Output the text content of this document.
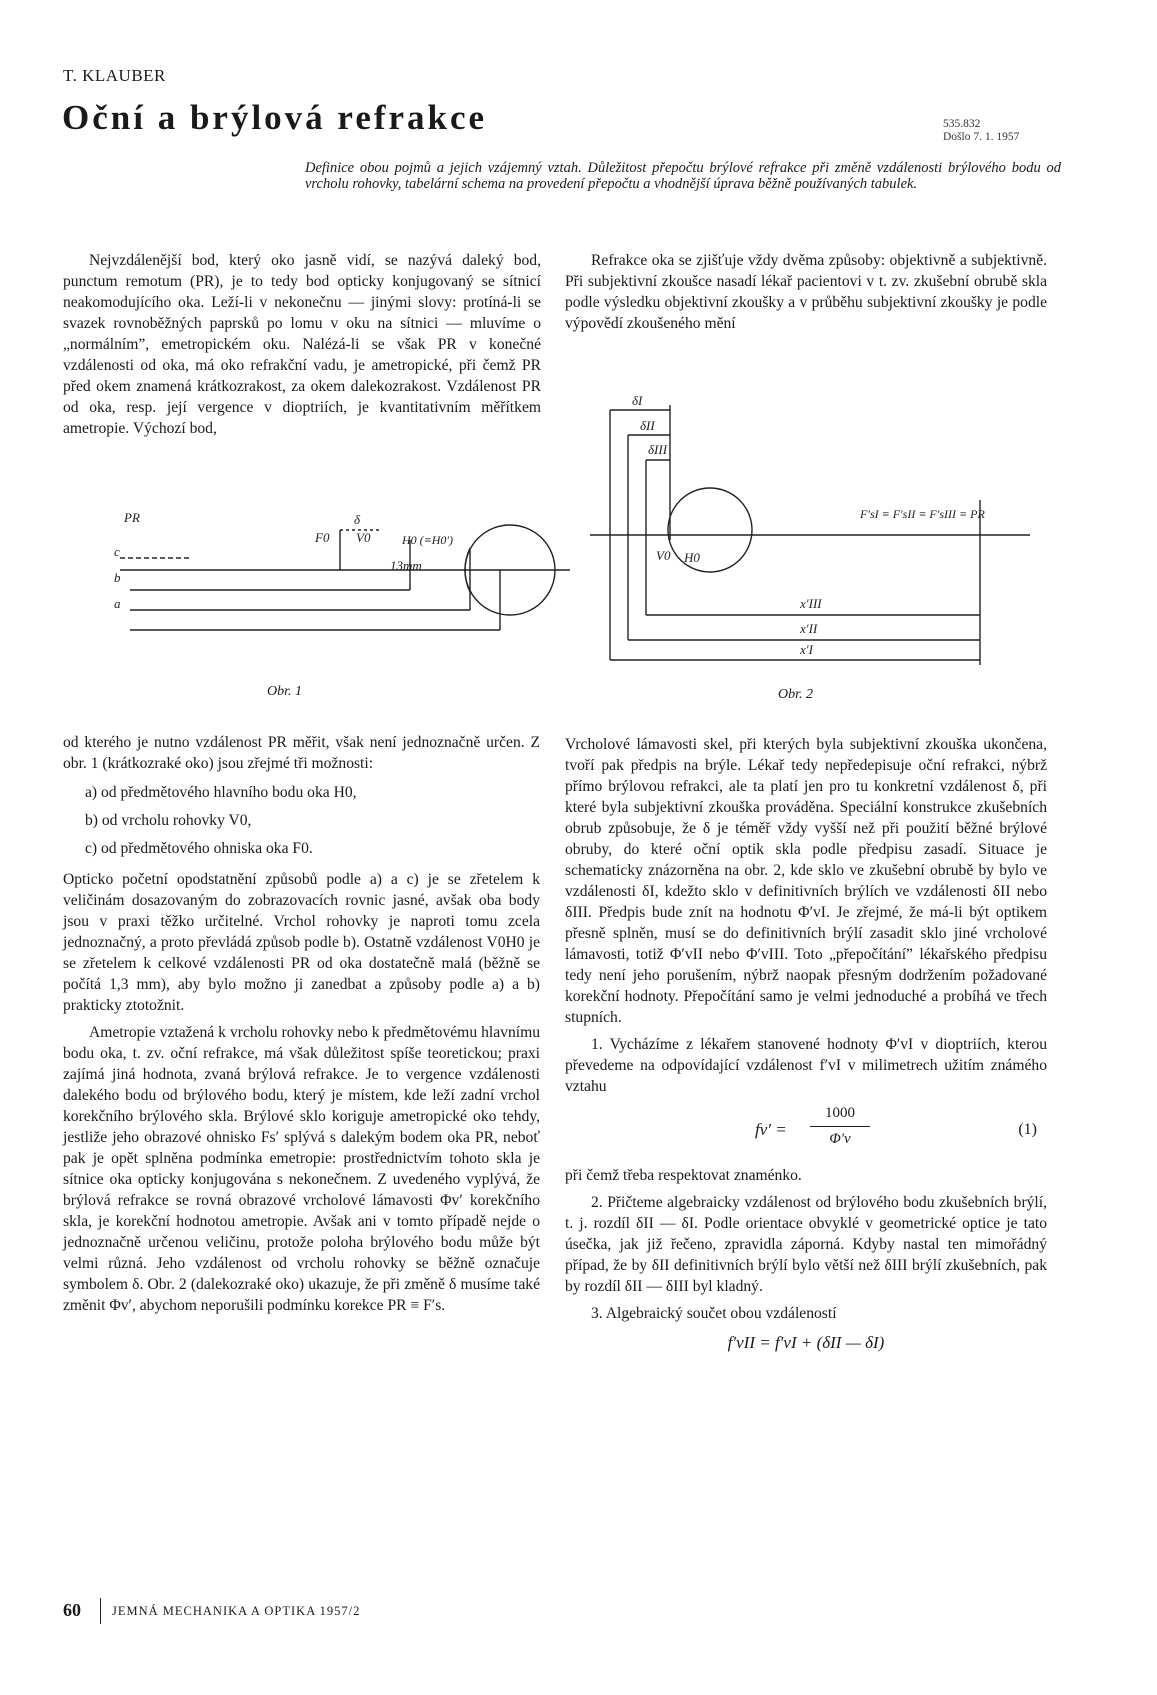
T. KLAUBER
Oční a brýlová refrakce	535.832
Došlo 7. 1. 1957
Definice obou pojmů a jejich vzájemný vztah. Důležitost přepočtu brýlové refrakce při změně vzdálenosti brýlového bodu od vrcholu rohovky, tabelární schema na provedení přepočtu a vhodnější úprava běžně používaných tabulek.

Nejvzdálenější bod, který oko jasně vidí, se nazývá daleký bod, punctum remotum (PR), je to tedy bod opticky konjugovaný se sítnicí neakomodujícího oka. Leží-li v nekonečnu — jinými slovy: protíná-li se svazek rovnoběžných paprsků po lomu v oku na sítnici — mluvíme o „normálním”, emetropickém oku. Nalézá-li se však PR v konečné vzdálenosti od oka, má oko refrakční vadu, je ametropické, při čemž PR před okem znamená krátkozrakost, za okem dalekozrakost. Vzdálenost PR od oka, resp. její vergence v dioptriích, je kvantitativním měřítkem ametropie. Výchozí bod,

Refrakce oka se zjišťuje vždy dvěma způsoby: objektivně a subjektivně. Při subjektivní zkoušce nasadí lékař pacientovi v t. zv. zkušební obrubě skla podle výsledku objektivní zkoušky a v průběhu subjektivní zkoušky je podle výpovědí zkoušeného mění

PR
c
b
a
δ
F0 V0	H0 (≡H0′)
13mm
Obr. 1
δI
δII
δIII
F′sI ≡ F′sII ≡ F′sIII ≡ PR
V0 H0
x′III
x′II
x′I
Obr. 2

od kterého je nutno vzdálenost PR měřit, však není jednoznačně určen. Z obr. 1 (krátkozraké oko) jsou zřejmé tři možnosti:

a) od předmětového hlavního bodu oka H0,
b) od vrcholu rohovky V0,
c) od předmětového ohniska oka F0.

Opticko početní opodstatnění způsobů podle a) a c) je se zřetelem k veličinám dosazovaným do zobrazovacích rovnic jasné, avšak oba body jsou v praxi těžko určitelné. Vrchol rohovky je naproti tomu zcela jednoznačný, a proto převládá způsob podle b). Ostatně vzdálenost V0H0 je se zřetelem k celkové vzdálenosti PR od oka dostatečně malá (běžně se počítá 1,3 mm), aby bylo možno ji zanedbat a způsoby podle a) a b) prakticky ztotožnit.

Ametropie vztažená k vrcholu rohovky nebo k předmětovému hlavnímu bodu oka, t. zv. oční refrakce, má však důležitost spíše teoretickou; praxi zajímá jiná hodnota, zvaná brýlová refrakce. Je to vergence vzdálenosti dalekého bodu od brýlového bodu, který je místem, kde leží zadní vrchol korekčního brýlového skla. Brýlové sklo koriguje ametropické oko tehdy, jestliže jeho obrazové ohnisko Fs′ splývá s dalekým bodem oka PR, neboť pak je opět splněna podmínka emetropie: prostřednictvím tohoto skla je sítnice oka opticky konjugována s nekonečnem. Z uvedeného vyplývá, že brýlová refrakce se rovná obrazové vrcholové lámavosti Φv′ korekčního skla, je korekční hodnotou ametropie. Avšak ani v tomto případě nejde o jednoznačně určenou veličinu, protože poloha brýlového bodu může být velmi různá. Jeho vzdálenost od vrcholu rohovky se běžně označuje symbolem δ. Obr. 2 (dalekozraké oko) ukazuje, že při změně δ musíme také změnit Φv′, abychom neporušili podmínku korekce PR ≡ F′s.

Vrcholové lámavosti skel, při kterých byla subjektivní zkouška ukončena, tvoří pak předpis na brýle. Lékař tedy nepředepisuje oční refrakci, nýbrž přímo brýlovou refrakci, ale ta platí jen pro tu konkretní vzdálenost δ, při které byla subjektivní zkouška prováděna. Speciální konstrukce zkušebních obrub způsobuje, že δ je téměř vždy vyšší než při použití běžné brýlové obruby, do které oční optik skla podle předpisu zasadí. Situace je schematicky znázorněna na obr. 2, kde sklo ve zkušební obrubě by bylo ve vzdálenosti δI, kdežto sklo v definitivních brýlích ve vzdálenosti δII nebo δIII. Předpis bude znít na hodnotu Φ′vI. Je zřejmé, že má-li být optikem přesně splněn, musí se do definitivních brýlí zasadit sklo jiné vrcholové lámavosti, totiž Φ′vII nebo Φ′vIII. Toto „přepočítání” lékařského předpisu tedy není jeho porušením, nýbrž naopak přesným dodržením požadované korekční hodnoty. Přepočítání samo je velmi jednoduché a probíhá ve třech stupních.

1. Vycházíme z lékařem stanovené hodnoty Φ′vI v dioptriích, kterou převedeme na odpovídající vzdálenost f′vI v milimetrech užitím známého vztahu

$fv' = \frac{1000}{\Phi'v}$	(1)

při čemž třeba respektovat znaménko.

2. Přičteme algebraicky vzdálenost od brýlového bodu zkušebních brýlí, t. j. rozdíl δII — δI. Podle orientace obvyklé v geometrické optice je tato úsečka, jak již řečeno, zpravidla záporná. Kdyby nastal ten mimořádný případ, že by δII definitivních brýlí bylo větší než δIII brýlí zkušebních, pak by rozdíl δII — δIII byl kladný.

3. Algebraický součet obou vzdáleností

f′vII = f′vI + (δII — δI)

60 JEMNÁ MECHANIKA A OPTIKA 1957/2
